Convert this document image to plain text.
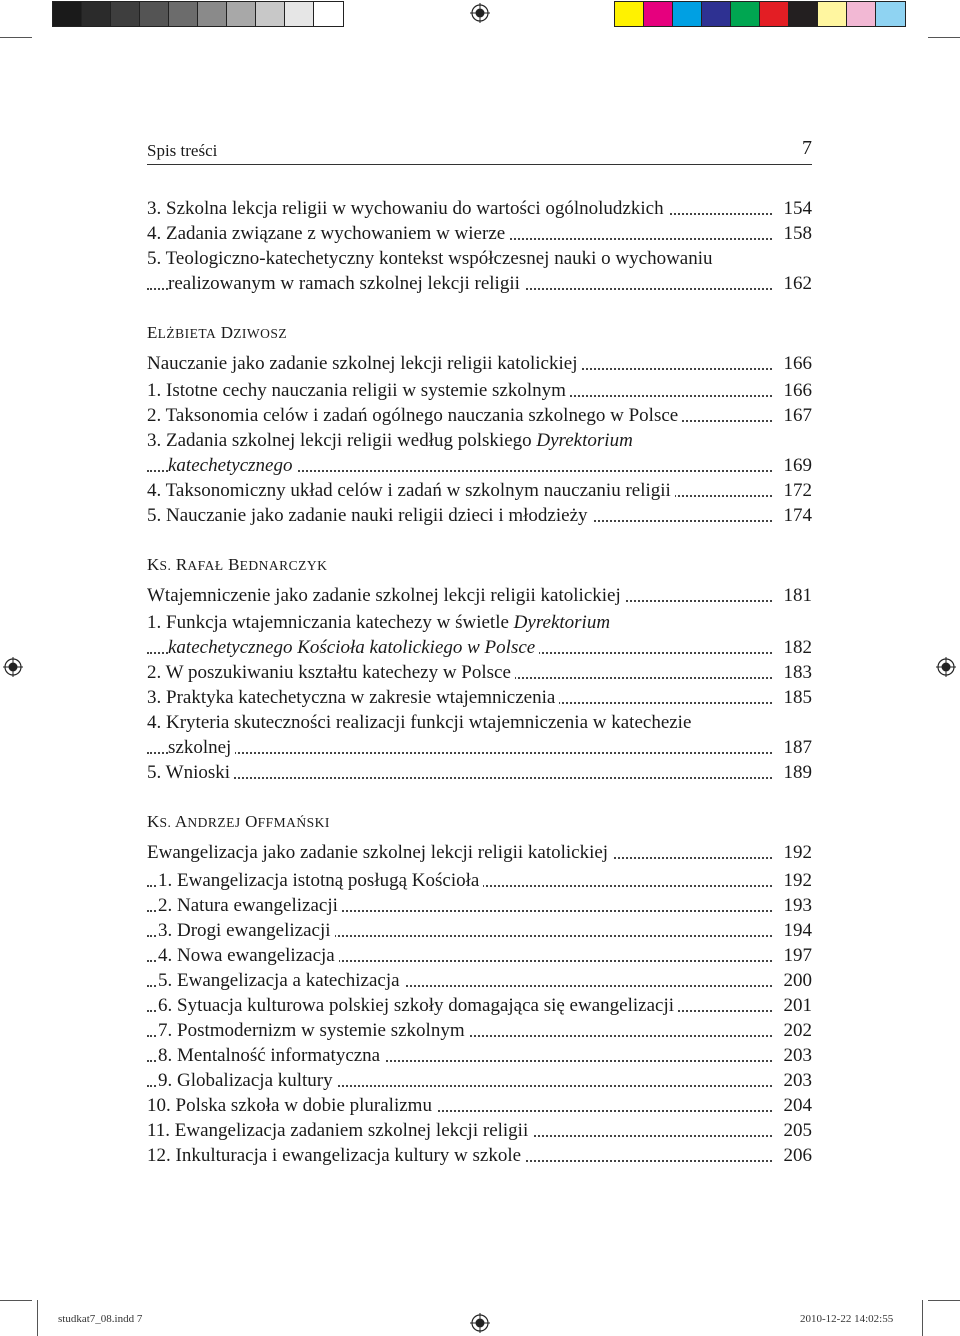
Spis treści	7
3. Szkolna lekcja religii w wychowaniu do wartości ogólnoludzkich	154
4. Zadania związane z wychowaniem w wierze	158
5. Teologiczno-katechetyczny kontekst współczesnej nauki o wychowaniu
realizowanym w ramach szkolnej lekcji religii	162
ELŻBIETA DZIWOSZ
Nauczanie jako zadanie szkolnej lekcji religii katolickiej	166
1. Istotne cechy nauczania religii w systemie szkolnym	166
2. Taksonomia celów i zadań ogólnego nauczania szkolnego w Polsce	167
3. Zadania szkolnej lekcji religii według polskiego Dyrektorium
katechetycznego	169
4. Taksonomiczny układ celów i zadań w szkolnym nauczaniu religii	172
5. Nauczanie jako zadanie nauki religii dzieci i młodzieży	174
KS. RAFAŁ BEDNARCZYK
Wtajemniczenie jako zadanie szkolnej lekcji religii katolickiej	181
1. Funkcja wtajemniczania katechezy w świetle Dyrektorium
katechetycznego Kościoła katolickiego w Polsce	182
2. W poszukiwaniu kształtu katechezy w Polsce	183
3. Praktyka katechetyczna w zakresie wtajemniczenia	185
4. Kryteria skuteczności realizacji funkcji wtajemniczenia w katechezie
szkolnej	187
5. Wnioski	189
KS. ANDRZEJ OFFMAŃSKI
Ewangelizacja jako zadanie szkolnej lekcji religii katolickiej	192
1. Ewangelizacja istotną posługą Kościoła	192
2. Natura ewangelizacji	193
3. Drogi ewangelizacji	194
4. Nowa ewangelizacja	197
5. Ewangelizacja a katechizacja	200
6. Sytuacja kulturowa polskiej szkoły domagająca się ewangelizacji	201
7. Postmodernizm w systemie szkolnym	202
8. Mentalność informatyczna	203
9. Globalizacja kultury	203
10. Polska szkoła w dobie pluralizmu	204
11. Ewangelizacja zadaniem szkolnej lekcji religii	205
12. Inkulturacja i ewangelizacja kultury w szkole	206
studkat7_08.indd 7	2010-12-22 14:02:55
